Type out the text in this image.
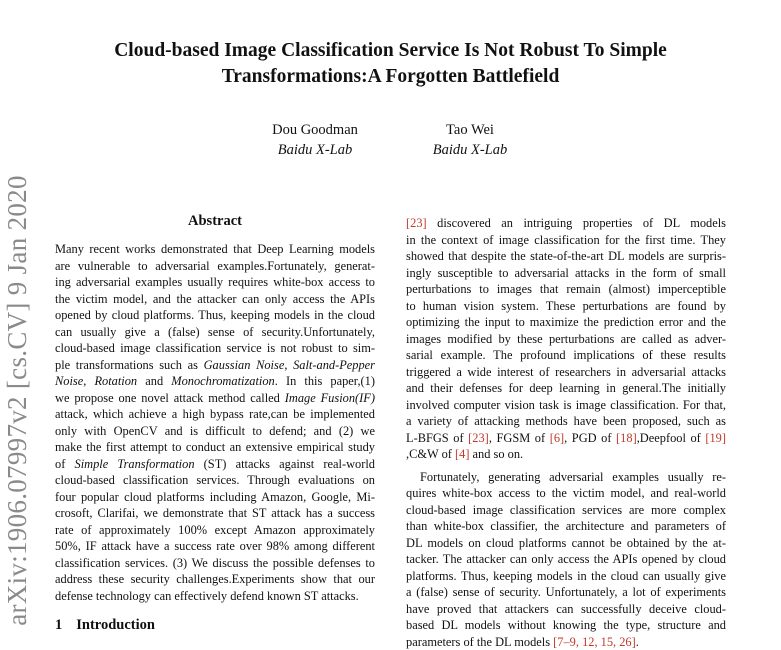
arXiv:1906.07997v2 [cs.CV] 9 Jan 2020
Cloud-based Image Classification Service Is Not Robust To Simple
Transformations:A Forgotten Battlefield
Dou Goodman
Baidu X-Lab
Tao Wei
Baidu X-Lab
Abstract
Many recent works demonstrated that Deep Learning models
are vulnerable to adversarial examples.Fortunately, generat-
ing adversarial examples usually requires white-box access to
the victim model, and the attacker can only access the APIs
opened by cloud platforms. Thus, keeping models in the cloud
can usually give a (false) sense of security.Unfortunately,
cloud-based image classification service is not robust to sim-
ple transformations such as Gaussian Noise, Salt-and-Pepper
Noise, Rotation and Monochromatization. In this paper,(1)
we propose one novel attack method called Image Fusion(IF)
attack, which achieve a high bypass rate,can be implemented
only with OpenCV and is difficult to defend; and (2) we
make the first attempt to conduct an extensive empirical study
of Simple Transformation (ST) attacks against real-world
cloud-based classification services. Through evaluations on
four popular cloud platforms including Amazon, Google, Mi-
crosoft, Clarifai, we demonstrate that ST attack has a success
rate of approximately 100% except Amazon approximately
50%, IF attack have a success rate over 98% among different
classification services. (3) We discuss the possible defenses to
address these security challenges.Experiments show that our
defense technology can effectively defend known ST attacks.
1 Introduction
[23] discovered an intriguing properties of DL models
in the context of image classification for the first time. They
showed that despite the state-of-the-art DL models are surpris-
ingly susceptible to adversarial attacks in the form of small
perturbations to images that remain (almost) imperceptible
to human vision system. These perturbations are found by
optimizing the input to maximize the prediction error and the
images modified by these perturbations are called as adver-
sarial example. The profound implications of these results
triggered a wide interest of researchers in adversarial attacks
and their defenses for deep learning in general.The initially
involved computer vision task is image classification. For that,
a variety of attacking methods have been proposed, such as
L-BFGS of [23], FGSM of [6], PGD of [18],Deepfool of [19]
,C&W of [4] and so on.
Fortunately, generating adversarial examples usually re-
quires white-box access to the victim model, and real-world
cloud-based image classification services are more complex
than white-box classifier, the architecture and parameters of
DL models on cloud platforms cannot be obtained by the at-
tacker. The attacker can only access the APIs opened by cloud
platforms. Thus, keeping models in the cloud can usually give
a (false) sense of security. Unfortunately, a lot of experiments
have proved that attackers can successfully deceive cloud-
based DL models without knowing the type, structure and
parameters of the DL models [7–9, 12, 15, 26].
